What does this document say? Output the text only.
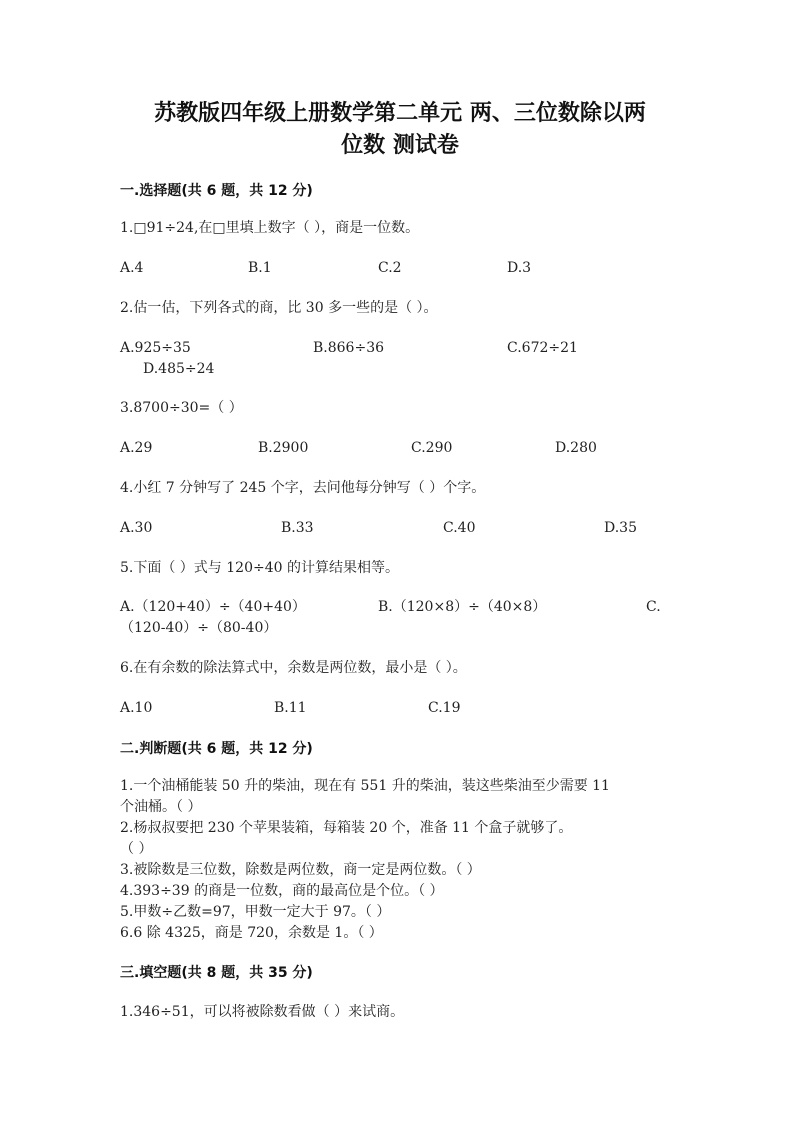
苏教版四年级上册数学第二单元 两、三位数除以两
位数 测试卷
一.选择题(共 6 题，共 12 分)
1.□91÷24,在□里填上数字（ ），商是一位数。
A.4	B.1	C.2	D.3
2.估一估，下列各式的商，比 30 多一些的是（ ）。
A.925÷35	B.866÷36	C.672÷21
D.485÷24
3.8700÷30=（ ）
A.29	B.2900	C.290	D.280
4.小红 7 分钟写了 245 个字，去问他每分钟写（ ）个字。
A.30	B.33	C.40	D.35
5.下面（ ）式与 120÷40 的计算结果相等。
A.（120+40）÷（40+40）	B.（120×8）÷（40×8）	C.
（120-40）÷（80-40）
6.在有余数的除法算式中，余数是两位数，最小是（ ）。
A.10	B.11	C.19
二.判断题(共 6 题，共 12 分)
1.一个油桶能装 50 升的柴油，现在有 551 升的柴油，装这些柴油至少需要 11
个油桶。（ ）
2.杨叔叔要把 230 个苹果装箱，每箱装 20 个，准备 11 个盒子就够了。
（ ）
3.被除数是三位数，除数是两位数，商一定是两位数。（ ）
4.393÷39 的商是一位数，商的最高位是个位。（ ）
5.甲数÷乙数=97，甲数一定大于 97。（ ）
6.6 除 4325，商是 720，余数是 1。（ ）
三.填空题(共 8 题，共 35 分)
1.346÷51，可以将被除数看做（ ）来试商。
